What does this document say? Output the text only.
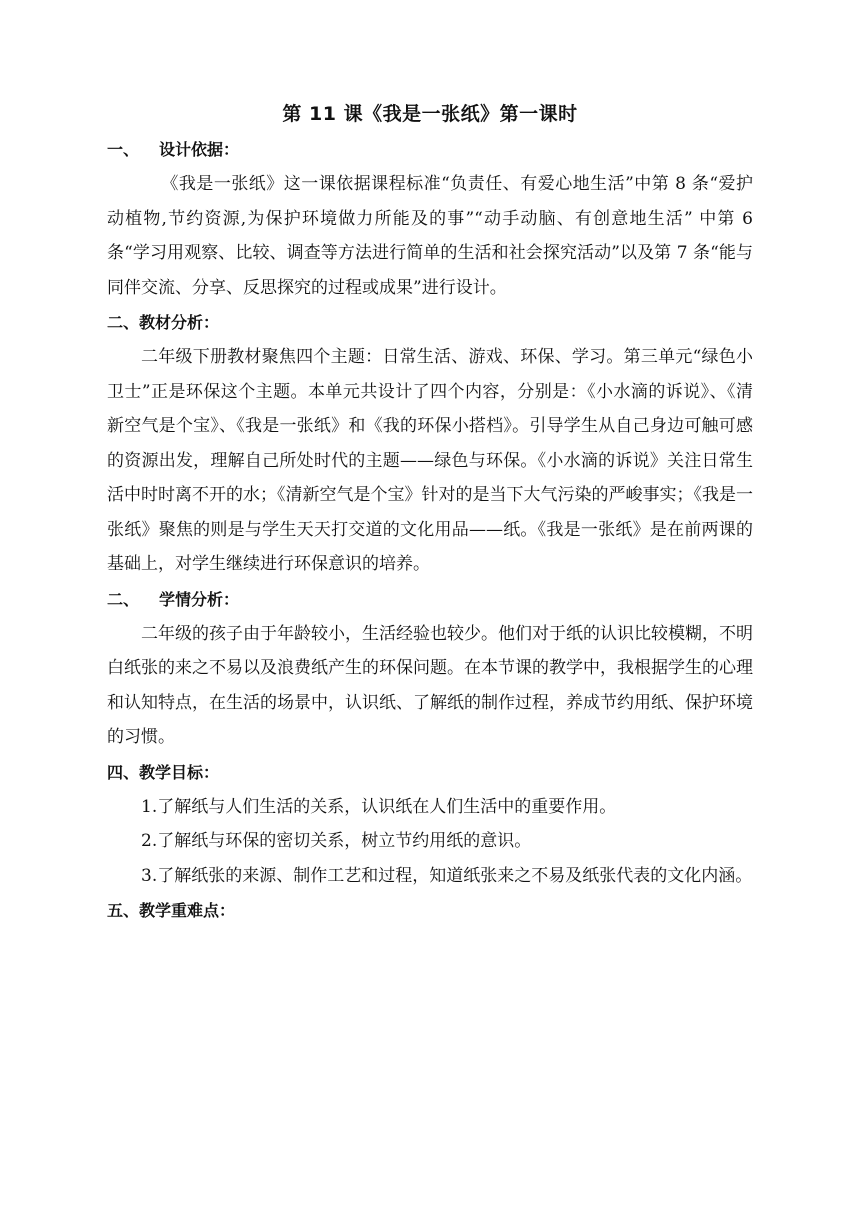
第 11 课《我是一张纸》第一课时
一、 设计依据：

《我是一张纸》这一课依据课程标准“负责任、有爱心地生活”中第 8 条“爱护动植物,节约资源,为保护环境做力所能及的事”“动手动脑、有创意地生活” 中第 6 条“学习用观察、比较、调查等方法进行简单的生活和社会探究活动”以及第 7 条“能与同伴交流、分享、反思探究的过程或成果”进行设计。

二、教材分析：

二年级下册教材聚焦四个主题：日常生活、游戏、环保、学习。第三单元“绿色小卫士”正是环保这个主题。本单元共设计了四个内容，分别是：《小水滴的诉说》、《清新空气是个宝》、《我是一张纸》和《我的环保小搭档》。引导学生从自己身边可触可感的资源出发，理解自己所处时代的主题——绿色与环保。《小水滴的诉说》关注日常生活中时时离不开的水；《清新空气是个宝》针对的是当下大气污染的严峻事实；《我是一张纸》聚焦的则是与学生天天打交道的文化用品——纸。《我是一张纸》是在前两课的基础上，对学生继续进行环保意识的培养。

二、 学情分析：

二年级的孩子由于年龄较小，生活经验也较少。他们对于纸的认识比较模糊，不明白纸张的来之不易以及浪费纸产生的环保问题。在本节课的教学中，我根据学生的心理和认知特点，在生活的场景中，认识纸、了解纸的制作过程，养成节约用纸、保护环境的习惯。

四、教学目标：

1.了解纸与人们生活的关系，认识纸在人们生活中的重要作用。

2.了解纸与环保的密切关系，树立节约用纸的意识。

3.了解纸张的来源、制作工艺和过程，知道纸张来之不易及纸张代表的文化内涵。

五、教学重难点：
